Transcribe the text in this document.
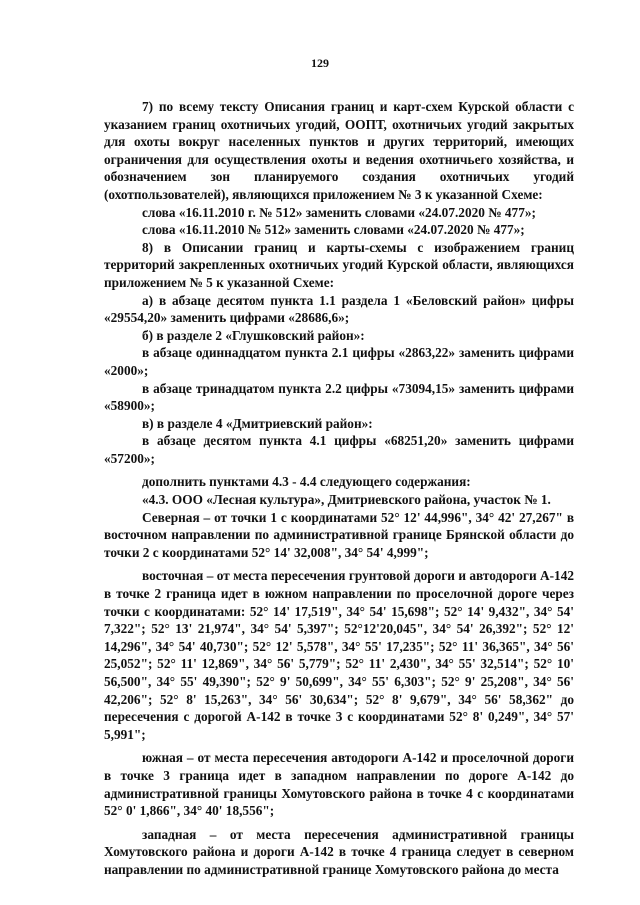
129

7) по всему тексту Описания границ и карт-схем Курской области с указанием границ охотничьих угодий, ООПТ, охотничьих угодий закрытых для охоты вокруг населенных пунктов и других территорий, имеющих ограничения для осуществления охоты и ведения охотничьего хозяйства, и обозначением зон планируемого создания охотничьих угодий (охотпользователей), являющихся приложением № 3 к указанной Схеме:

слова «16.11.2010 г. № 512» заменить словами «24.07.2020 № 477»;

слова «16.11.2010 № 512» заменить словами «24.07.2020 № 477»;

8) в Описании границ и карты-схемы с изображением границ территорий закрепленных охотничьих угодий Курской области, являющихся приложением № 5 к указанной Схеме:

а) в абзаце десятом пункта 1.1 раздела 1 «Беловский район» цифры «29554,20» заменить цифрами «28686,6»;

б) в разделе 2 «Глушковский район»:

в абзаце одиннадцатом пункта 2.1 цифры «2863,22» заменить цифрами «2000»;

в абзаце тринадцатом пункта 2.2 цифры «73094,15» заменить цифрами «58900»;

в) в разделе 4 «Дмитриевский район»:

в абзаце десятом пункта 4.1 цифры «68251,20» заменить цифрами «57200»;

дополнить пунктами 4.3 - 4.4 следующего содержания:

«4.3. ООО «Лесная культура», Дмитриевского района, участок № 1.

Северная – от точки 1 с координатами 52° 12' 44,996", 34° 42' 27,267" в восточном направлении по административной границе Брянской области до точки 2 с координатами 52° 14' 32,008", 34° 54' 4,999";

восточная – от места пересечения грунтовой дороги и автодороги А-142 в точке 2 граница идет в южном направлении по проселочной дороге через точки с координатами: 52° 14' 17,519", 34° 54' 15,698"; 52° 14' 9,432", 34° 54' 7,322"; 52° 13' 21,974", 34° 54' 5,397"; 52°12'20,045", 34° 54' 26,392"; 52° 12' 14,296", 34° 54' 40,730"; 52° 12' 5,578", 34° 55' 17,235"; 52° 11' 36,365", 34° 56' 25,052"; 52° 11' 12,869", 34° 56' 5,779"; 52° 11' 2,430", 34° 55' 32,514"; 52° 10' 56,500", 34° 55' 49,390"; 52° 9' 50,699", 34° 55' 6,303"; 52° 9' 25,208", 34° 56' 42,206"; 52° 8' 15,263", 34° 56' 30,634"; 52° 8' 9,679", 34° 56' 58,362" до пересечения с дорогой А-142 в точке 3 с координатами 52° 8' 0,249", 34° 57' 5,991";

южная – от места пересечения автодороги А-142 и проселочной дороги в точке 3 граница идет в западном направлении по дороге А-142 до административной границы Хомутовского района в точке 4 с координатами 52° 0' 1,866", 34° 40' 18,556";

западная – от места пересечения административной границы Хомутовского района и дороги А-142 в точке 4 граница следует в северном направлении по административной границе Хомутовского района до места
